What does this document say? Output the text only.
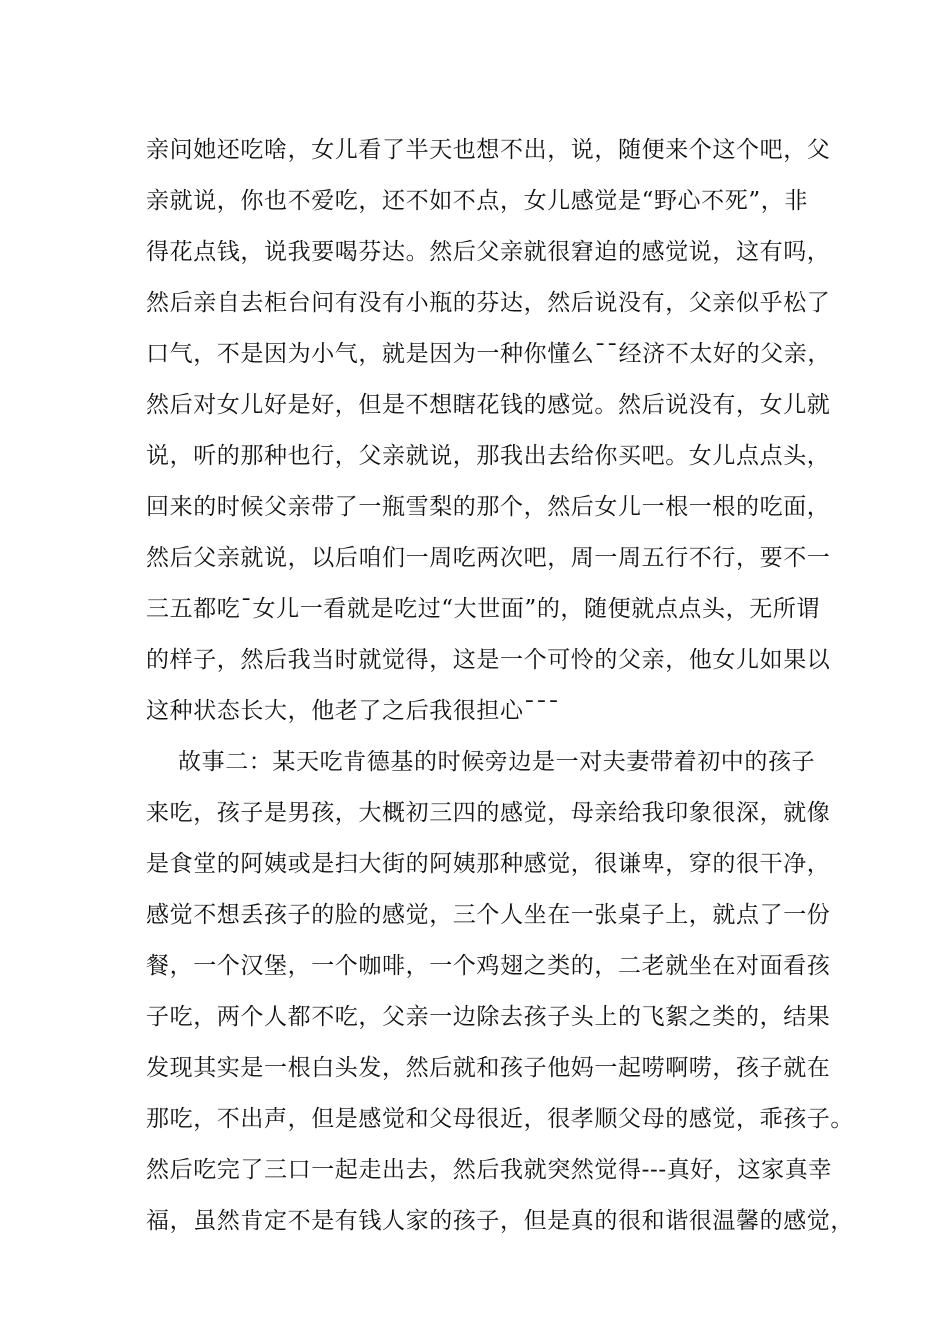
亲问她还吃啥，女儿看了半天也想不出，说，随便来个这个吧，父
亲就说，你也不爱吃，还不如不点，女儿感觉是“野心不死”，非
得花点钱，说我要喝芬达。然后父亲就很窘迫的感觉说，这有吗，
然后亲自去柜台问有没有小瓶的芬达，然后说没有，父亲似乎松了
口气，不是因为小气，就是因为一种你懂么¯¯经济不太好的父亲，
然后对女儿好是好，但是不想瞎花钱的感觉。然后说没有，女儿就
说，听的那种也行，父亲就说，那我出去给你买吧。女儿点点头，
回来的时候父亲带了一瓶雪梨的那个，然后女儿一根一根的吃面，
然后父亲就说，以后咱们一周吃两次吧，周一周五行不行，要不一
三五都吃¯女儿一看就是吃过“大世面”的，随便就点点头，无所谓
的样子，然后我当时就觉得，这是一个可怜的父亲，他女儿如果以
这种状态长大，他老了之后我很担心¯¯¯
故事二：某天吃肯德基的时候旁边是一对夫妻带着初中的孩子
来吃，孩子是男孩，大概初三四的感觉，母亲给我印象很深，就像
是食堂的阿姨或是扫大街的阿姨那种感觉，很谦卑，穿的很干净，
感觉不想丢孩子的脸的感觉，三个人坐在一张桌子上，就点了一份
餐，一个汉堡，一个咖啡，一个鸡翅之类的，二老就坐在对面看孩
子吃，两个人都不吃，父亲一边除去孩子头上的飞絮之类的，结果
发现其实是一根白头发，然后就和孩子他妈一起唠啊唠，孩子就在
那吃，不出声，但是感觉和父母很近，很孝顺父母的感觉，乖孩子。
然后吃完了三口一起走出去，然后我就突然觉得---真好，这家真幸
福，虽然肯定不是有钱人家的孩子，但是真的很和谐很温馨的感觉，
